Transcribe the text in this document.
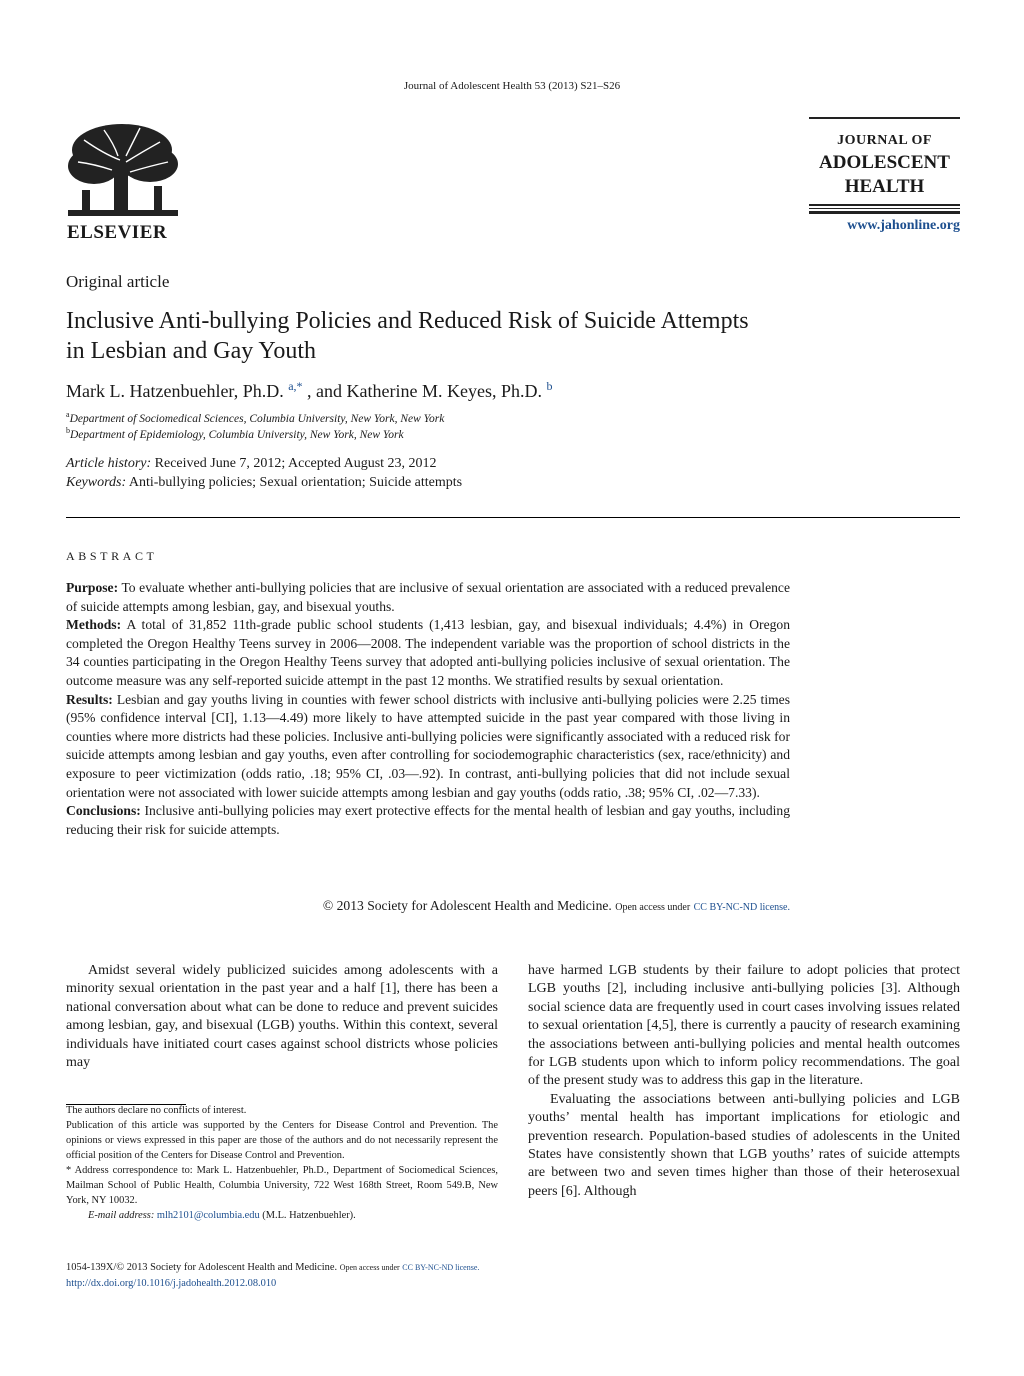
Journal of Adolescent Health 53 (2013) S21–S26
ELSEVIER
JOURNAL OF
ADOLESCENT
HEALTH
www.jahonline.org
Original article
Inclusive Anti-bullying Policies and Reduced Risk of Suicide Attempts
in Lesbian and Gay Youth
Mark L. Hatzenbuehler, Ph.D. $^{a,*}$ , and Katherine M. Keyes, Ph.D. $^b$
$^a$Department of Sociomedical Sciences, Columbia University, New York, New York
$^b$Department of Epidemiology, Columbia University, New York, New York
Article history: Received June 7, 2012; Accepted August 23, 2012
Keywords: Anti-bullying policies; Sexual orientation; Suicide attempts
ABSTRACT

Purpose: To evaluate whether anti-bullying policies that are inclusive of sexual orientation are associated with a reduced prevalence of suicide attempts among lesbian, gay, and bisexual youths.

Methods: A total of 31,852 11th-grade public school students (1,413 lesbian, gay, and bisexual individuals; 4.4%) in Oregon completed the Oregon Healthy Teens survey in 2006—2008. The independent variable was the proportion of school districts in the 34 counties participating in the Oregon Healthy Teens survey that adopted anti-bullying policies inclusive of sexual orientation. The outcome measure was any self-reported suicide attempt in the past 12 months. We stratified results by sexual orientation.

Results: Lesbian and gay youths living in counties with fewer school districts with inclusive anti-bullying policies were 2.25 times (95% confidence interval [CI], 1.13—4.49) more likely to have attempted suicide in the past year compared with those living in counties where more districts had these policies. Inclusive anti-bullying policies were significantly associated with a reduced risk for suicide attempts among lesbian and gay youths, even after controlling for sociodemographic characteristics (sex, race/ethnicity) and exposure to peer victimization (odds ratio, .18; 95% CI, .03—.92). In contrast, anti-bullying policies that did not include sexual orientation were not associated with lower suicide attempts among lesbian and gay youths (odds ratio, .38; 95% CI, .02—7.33).

Conclusions: Inclusive anti-bullying policies may exert protective effects for the mental health of lesbian and gay youths, including reducing their risk for suicide attempts.

© 2013 Society for Adolescent Health and Medicine. Open access under CC BY-NC-ND license.

Amidst several widely publicized suicides among adolescents with a minority sexual orientation in the past year and a half [1], there has been a national conversation about what can be done to reduce and prevent suicides among lesbian, gay, and bisexual (LGB) youths. Within this context, several individuals have initiated court cases against school districts whose policies may

have harmed LGB students by their failure to adopt policies that protect LGB youths [2], including inclusive anti-bullying policies [3]. Although social science data are frequently used in court cases involving issues related to sexual orientation [4,5], there is currently a paucity of research examining the associations between anti-bullying policies and mental health outcomes for LGB students upon which to inform policy recommendations. The goal of the present study was to address this gap in the literature.

Evaluating the associations between anti-bullying policies and LGB youths’ mental health has important implications for etiologic and prevention research. Population-based studies of adolescents in the United States have consistently shown that LGB youths’ rates of suicide attempts are between two and seven times higher than those of their heterosexual peers [6]. Although

The authors declare no conflicts of interest.

Publication of this article was supported by the Centers for Disease Control and Prevention. The opinions or views expressed in this paper are those of the authors and do not necessarily represent the official position of the Centers for Disease Control and Prevention.

* Address correspondence to: Mark L. Hatzenbuehler, Ph.D., Department of Sociomedical Sciences, Mailman School of Public Health, Columbia University, 722 West 168th Street, Room 549.B, New York, NY 10032.

E-mail address: mlh2101@columbia.edu (M.L. Hatzenbuehler).

1054-139X/© 2013 Society for Adolescent Health and Medicine. Open access under CC BY-NC-ND license.
http://dx.doi.org/10.1016/j.jadohealth.2012.08.010
